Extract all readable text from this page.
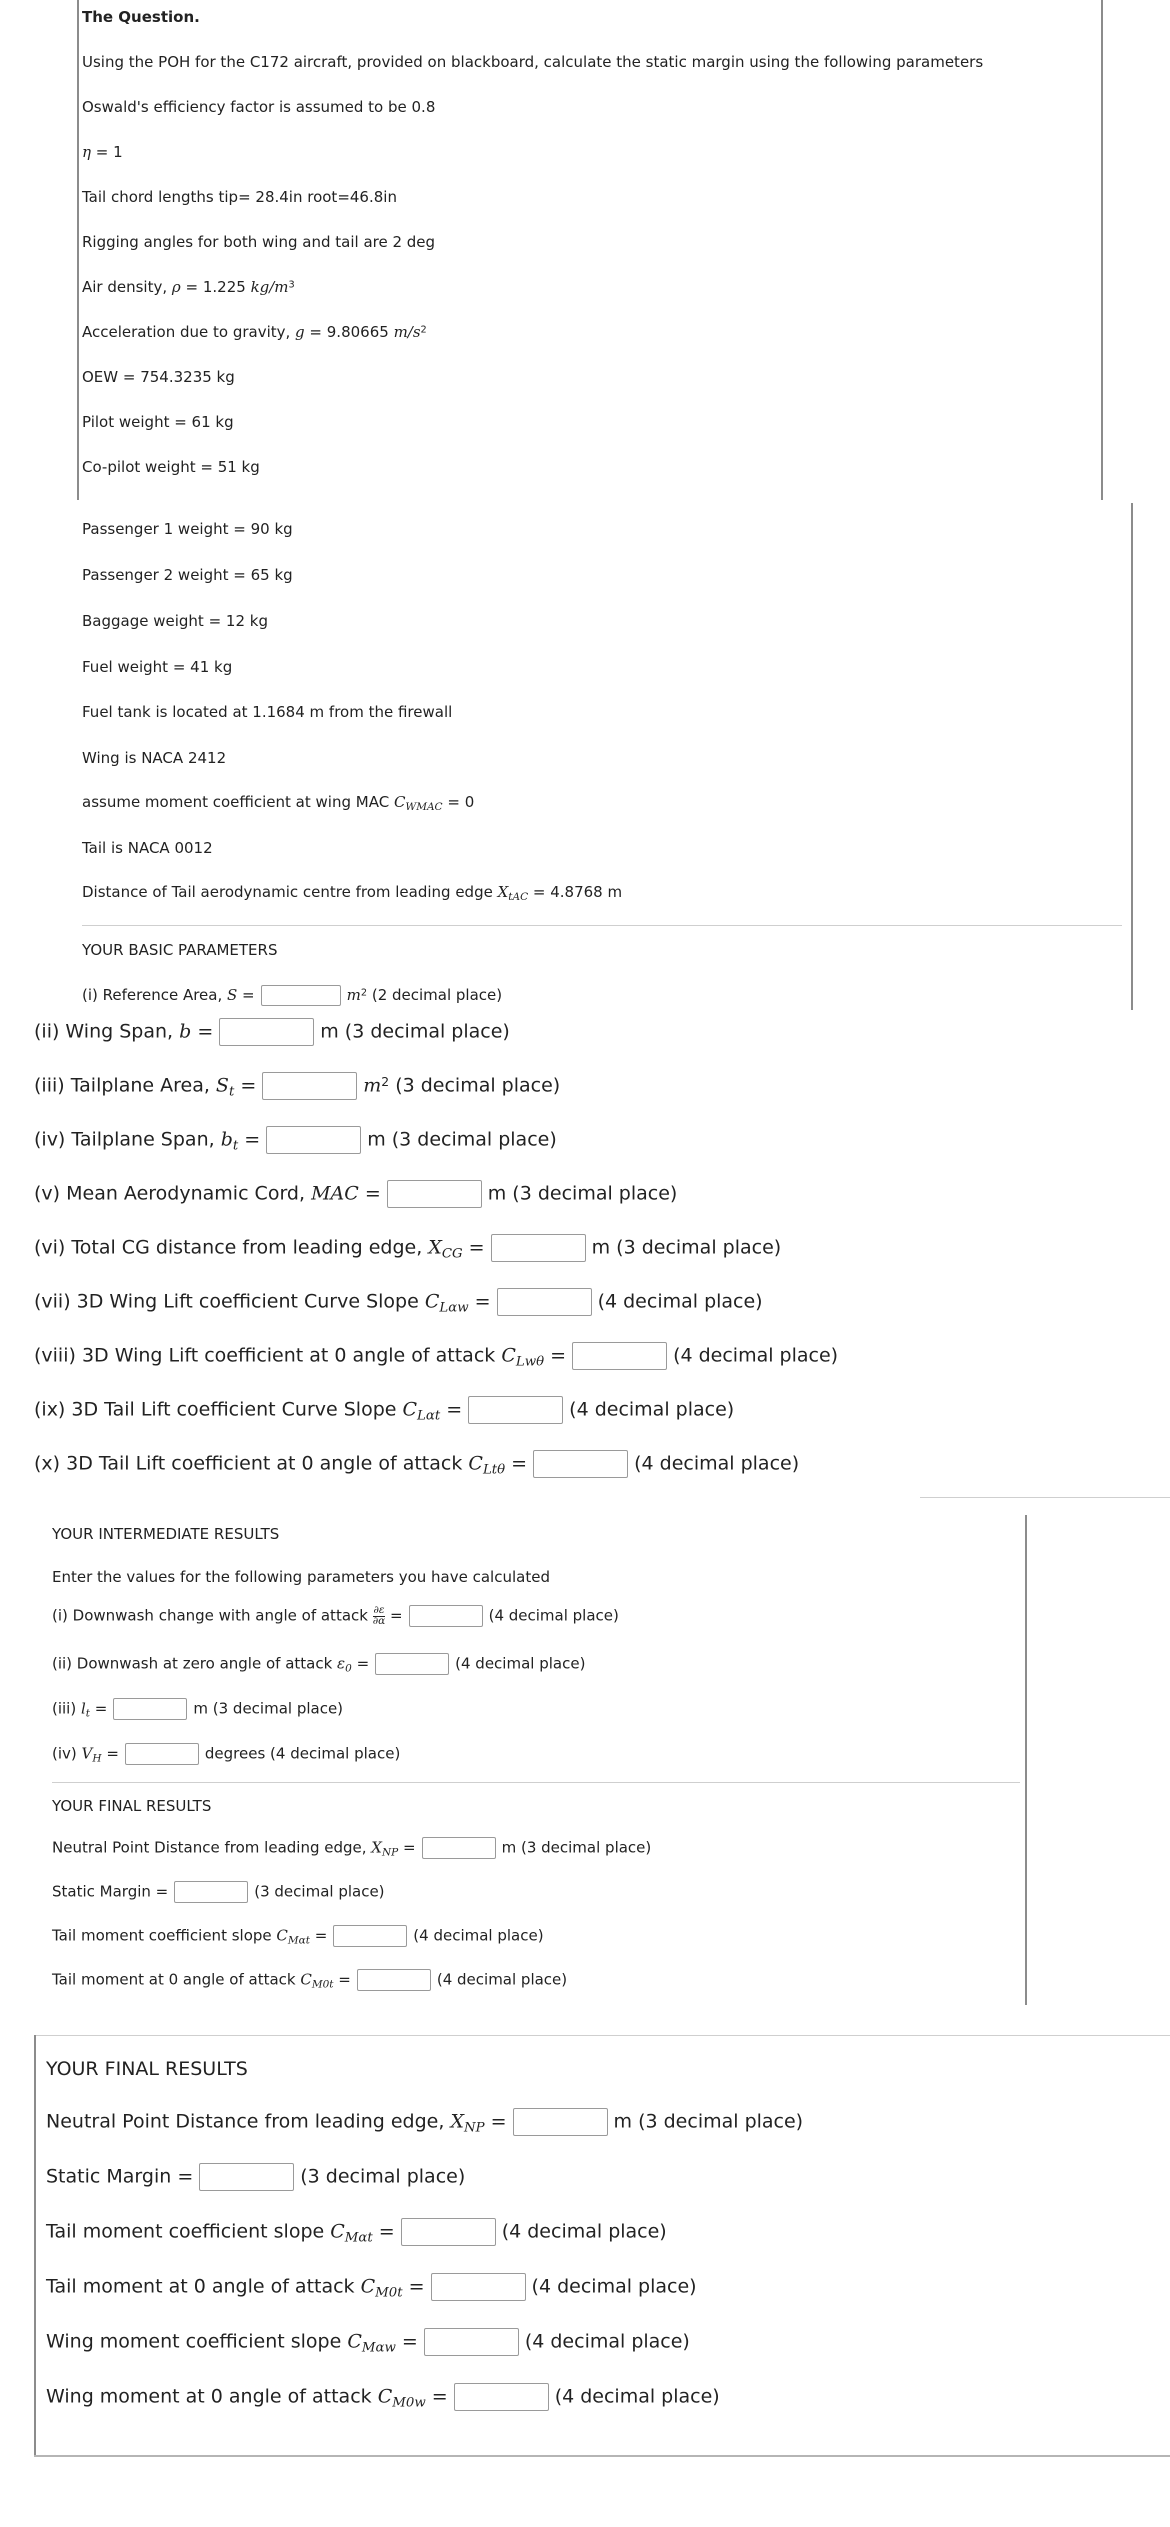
The Question.
Using the POH for the C172 aircraft, provided on blackboard, calculate the static margin using the following parameters
Oswald's efficiency factor is assumed to be 0.8
η = 1
Tail chord lengths tip= 28.4in root=46.8in
Rigging angles for both wing and tail are 2 deg
Air density, ρ = 1.225 $kg/m^3$
Acceleration due to gravity, g = 9.80665 $m/s^2$
OEW = 754.3235 kg
Pilot weight = 61 kg
Co-pilot weight = 51 kg
Passenger 1 weight = 90 kg
Passenger 2 weight = 65 kg
Baggage weight = 12 kg
Fuel weight = 41 kg
Fuel tank is located at 1.1684 m from the firewall
Wing is NACA 2412
assume moment coefficient at wing MAC $C_{WMAC} = 0$
Tail is NACA 0012
Distance of Tail aerodynamic centre from leading edge $X_{tAC} = 4.8768$ m
YOUR BASIC PARAMETERS
(i) Reference Area, S =	$m^2$ (2 decimal place)
(ii) Wing Span, b =	m (3 decimal place)
(iii) Tailplane Area, $S_t$ =	$m^2$ (3 decimal place)
(iv) Tailplane Span, $b_t$ =	m (3 decimal place)
(v) Mean Aerodynamic Cord, MAC =	m (3 decimal place)
(vi) Total CG distance from leading edge, $X_{CG}$ =	m (3 decimal place)
(vii) 3D Wing Lift coefficient Curve Slope $C_{L\alpha w}$ =	(4 decimal place)
(viii) 3D Wing Lift coefficient at 0 angle of attack $C_{Lw\theta}$ =	(4 decimal place)
(ix) 3D Tail Lift coefficient Curve Slope $C_{L\alpha t}$ =	(4 decimal place)
(x) 3D Tail Lift coefficient at 0 angle of attack $C_{Lt\theta}$ =	(4 decimal place)
YOUR INTERMEDIATE RESULTS
Enter the values for the following parameters you have calculated
(i) Downwash change with angle of attack $\frac{\partial\varepsilon}{\partial\alpha}$ =	(4 decimal place)
(ii) Downwash at zero angle of attack $\varepsilon_0$ =	(4 decimal place)
(iii) $l_t$ =	m (3 decimal place)
(iv) $V_H$ =	degrees (4 decimal place)
YOUR FINAL RESULTS
Neutral Point Distance from leading edge, $X_{NP}$ =	m (3 decimal place)
Static Margin =	(3 decimal place)
Tail moment coefficient slope $C_{M\alpha t}$ =	(4 decimal place)
Tail moment at 0 angle of attack $C_{M0t}$ =	(4 decimal place)
YOUR FINAL RESULTS
Neutral Point Distance from leading edge, $X_{NP}$ =	m (3 decimal place)
Static Margin =	(3 decimal place)
Tail moment coefficient slope $C_{M\alpha t}$ =	(4 decimal place)
Tail moment at 0 angle of attack $C_{M0t}$ =	(4 decimal place)
Wing moment coefficient slope $C_{M\alpha w}$ =	(4 decimal place)
Wing moment at 0 angle of attack $C_{M0w}$ =	(4 decimal place)
